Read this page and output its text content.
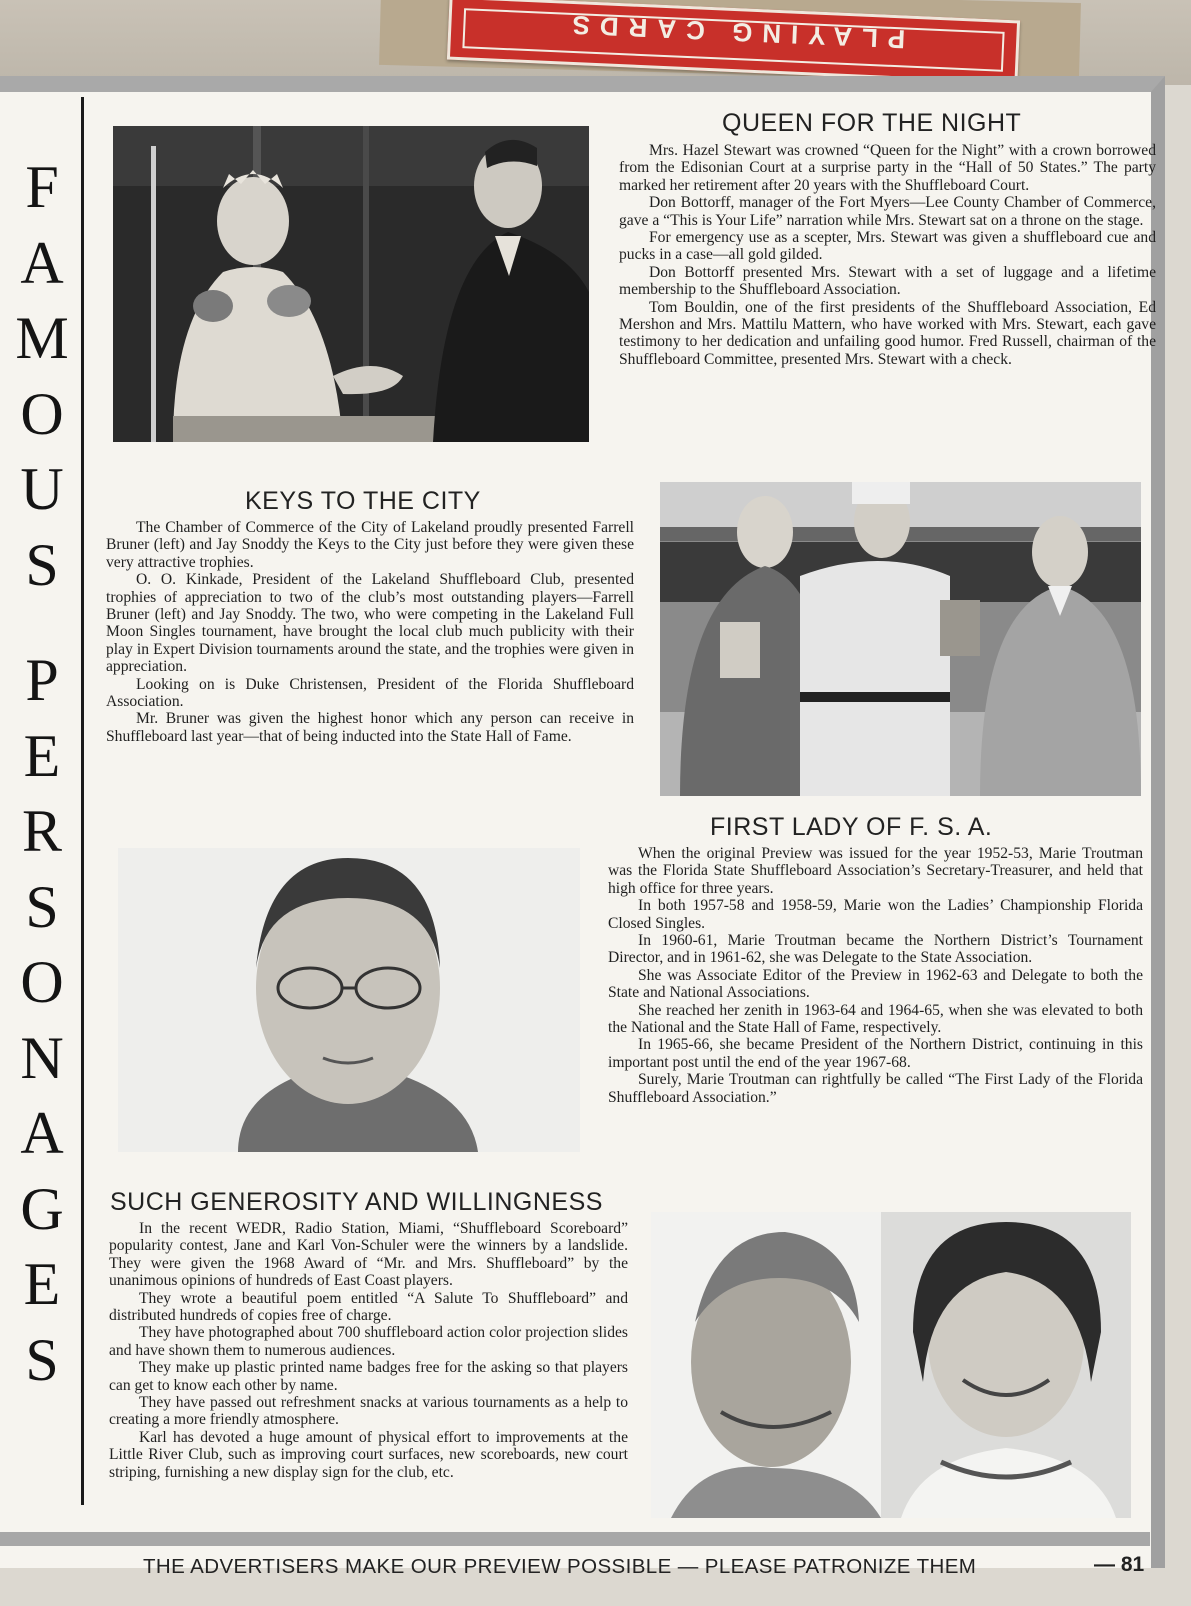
PLAYING CARDS
F
A
M
O
U
S
P
E
R
S
O
N
A
G
E
S
QUEEN FOR THE NIGHT

Mrs. Hazel Stewart was crowned “Queen for the Night” with a crown borrowed from the Edisonian Court at a surprise party in the “Hall of 50 States.” The party marked her retirement after 20 years with the Shuffleboard Court.

Don Bottorff, manager of the Fort Myers—Lee County Chamber of Commerce, gave a “This is Your Life” narration while Mrs. Stewart sat on a throne on the stage.

For emergency use as a scepter, Mrs. Stewart was given a shuffleboard cue and pucks in a case—all gold gilded.

Don Bottorff presented Mrs. Stewart with a set of luggage and a lifetime membership to the Shuffleboard Association.

Tom Bouldin, one of the first presidents of the Shuffleboard Association, Ed Mershon and Mrs. Mattilu Mattern, who have worked with Mrs. Stewart, each gave testimony to her dedication and unfailing good humor. Fred Russell, chairman of the Shuffleboard Committee, presented Mrs. Stewart with a check.

KEYS TO THE CITY

The Chamber of Commerce of the City of Lakeland proudly presented Farrell Bruner (left) and Jay Snoddy the Keys to the City just before they were given these very attractive trophies.

O. O. Kinkade, President of the Lakeland Shuffleboard Club, presented trophies of appreciation to two of the club’s most outstanding players—Farrell Bruner (left) and Jay Snoddy. The two, who were competing in the Lakeland Full Moon Singles tournament, have brought the local club much publicity with their play in Expert Division tournaments around the state, and the trophies were given in appreciation.

Looking on is Duke Christensen, President of the Florida Shuffleboard Association.

Mr. Bruner was given the highest honor which any person can receive in Shuffleboard last year—that of being inducted into the State Hall of Fame.

FIRST LADY OF F. S. A.

When the original Preview was issued for the year 1952-53, Marie Troutman was the Florida State Shuffleboard Association’s Secretary-Treasurer, and held that high office for three years.

In both 1957-58 and 1958-59, Marie won the Ladies’ Championship Florida Closed Singles.

In 1960-61, Marie Troutman became the Northern District’s Tournament Director, and in 1961-62, she was Delegate to the State Association.

She was Associate Editor of the Preview in 1962-63 and Delegate to both the State and National Associations.

She reached her zenith in 1963-64 and 1964-65, when she was elevated to both the National and the State Hall of Fame, respectively.

In 1965-66, she became President of the Northern District, continuing in this important post until the end of the year 1967-68.

Surely, Marie Troutman can rightfully be called “The First Lady of the Florida Shuffleboard Association.”

SUCH GENEROSITY AND WILLINGNESS

In the recent WEDR, Radio Station, Miami, “Shuffleboard Scoreboard” popularity contest, Jane and Karl Von-Schuler were the winners by a landslide. They were given the 1968 Award of “Mr. and Mrs. Shuffleboard” by the unanimous opinions of hundreds of East Coast players.

They wrote a beautiful poem entitled “A Salute To Shuffleboard” and distributed hundreds of copies free of charge.

They have photographed about 700 shuffleboard action color projection slides and have shown them to numerous audiences.

They make up plastic printed name badges free for the asking so that players can get to know each other by name.

They have passed out refreshment snacks at various tournaments as a help to creating a more friendly atmosphere.

Karl has devoted a huge amount of physical effort to improvements at the Little River Club, such as improving court surfaces, new scoreboards, new court striping, furnishing a new display sign for the club, etc.

THE ADVERTISERS MAKE OUR PREVIEW POSSIBLE — PLEASE PATRONIZE THEM	— 81
